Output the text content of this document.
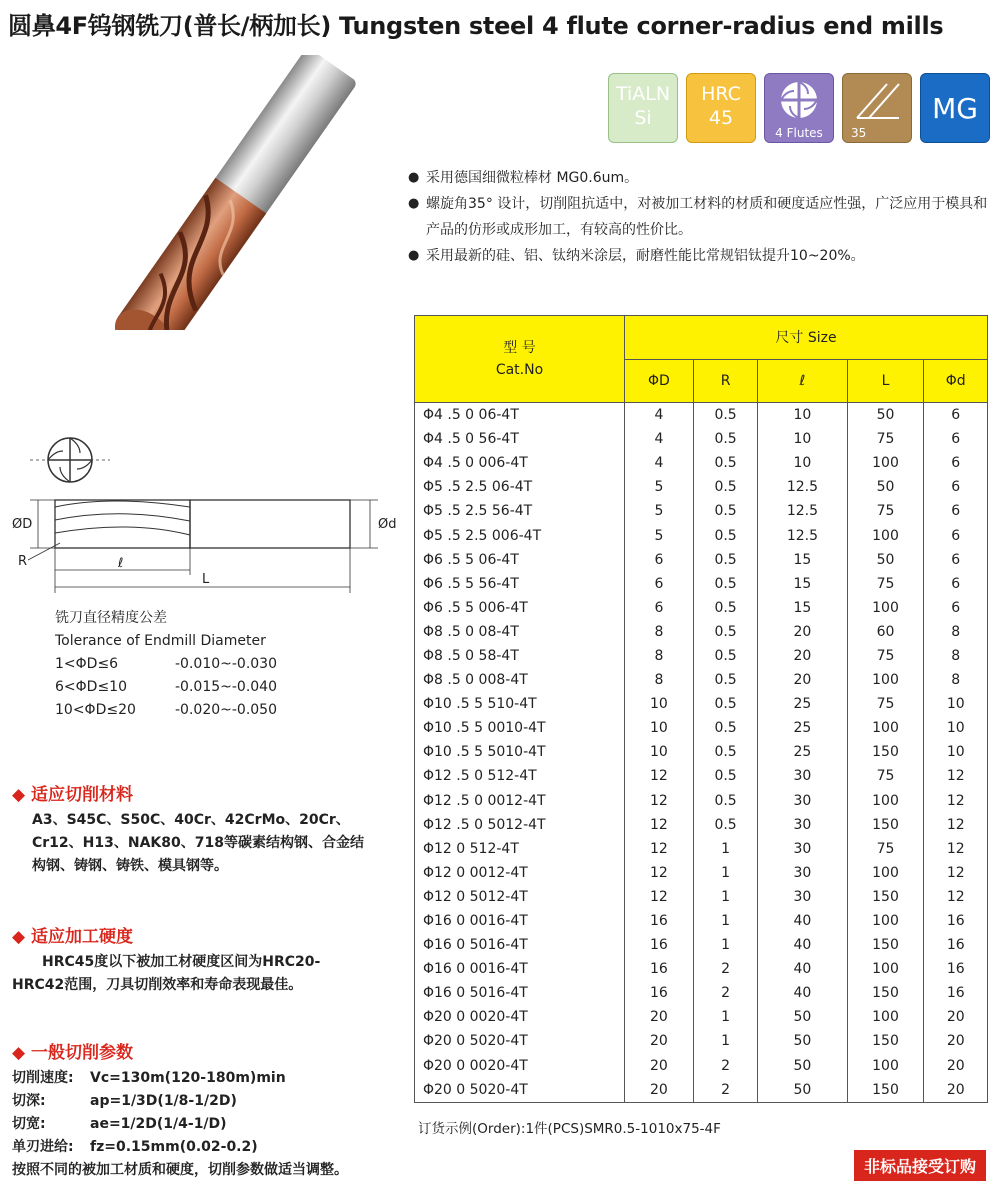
圆鼻4F钨钢铣刀(普长/柄加长) Tungsten steel 4 flute corner-radius end mills
TiALN
Si
HRC
45
4 Flutes	35
MG
● 采用德国细微粒棒材 MG0.6um。
● 螺旋角35° 设计，切削阻抗适中，对被加工材料的材质和硬度适应性强，广泛应用于模具和产品的仿形或成形加工，有较高的性价比。
● 采用最新的硅、铝、钛纳米涂层，耐磨性能比常规铝钛提升10~20%。
ØD	Ød
R	ℓ
L
铣刀直径精度公差
Tolerance of Endmill Diameter
1<ΦD≤6	-0.010~-0.030
6<ΦD≤10	-0.015~-0.040
10<ΦD≤20	-0.020~-0.050
◆ 适应切削材料
A3、S45C、S50C、40Cr、42CrMo、20Cr、Cr12、H13、NAK80、718等碳素结构钢、合金结构钢、铸钢、铸铁、模具钢等。
◆ 适应加工硬度
HRC45度以下被加工材硬度区间为HRC20-HRC42范围，刀具切削效率和寿命表现最佳。
◆ 一般切削参数
切削速度: Vc=130m(120-180m)min
切深:	ap=1/3D(1/8-1/2D)
切宽:	ae=1/2D(1/4-1/D)
单刃进给: fz=0.15mm(0.02-0.2)
按照不同的被加工材质和硬度，切削参数做适当调整。
型 号
Cat.No	尺寸 Size				
	ΦD	R	ℓ	L	Φd
Φ4 .5 0 06-4T	4	0.5	10	50	6
Φ4 .5 0 56-4T	4	0.5	10	75	6
Φ4 .5 0 006-4T	4	0.5	10	100	6
Φ5 .5 2.5 06-4T	5	0.5	12.5	50	6
Φ5 .5 2.5 56-4T	5	0.5	12.5	75	6
Φ5 .5 2.5 006-4T	5	0.5	12.5	100	6
Φ6 .5 5 06-4T	6	0.5	15	50	6
Φ6 .5 5 56-4T	6	0.5	15	75	6
Φ6 .5 5 006-4T	6	0.5	15	100	6
Φ8 .5 0 08-4T	8	0.5	20	60	8
Φ8 .5 0 58-4T	8	0.5	20	75	8
Φ8 .5 0 008-4T	8	0.5	20	100	8
Φ10 .5 5 510-4T	10	0.5	25	75	10
Φ10 .5 5 0010-4T	10	0.5	25	100	10
Φ10 .5 5 5010-4T	10	0.5	25	150	10
Φ12 .5 0 512-4T	12	0.5	30	75	12
Φ12 .5 0 0012-4T	12	0.5	30	100	12
Φ12 .5 0 5012-4T	12	0.5	30	150	12
Φ12 0 512-4T	12	1	30	75	12
Φ12 0 0012-4T	12	1	30	100	12
Φ12 0 5012-4T	12	1	30	150	12
Φ16 0 0016-4T	16	1	40	100	16
Φ16 0 5016-4T	16	1	40	150	16
Φ16 0 0016-4T	16	2	40	100	16
Φ16 0 5016-4T	16	2	40	150	16
Φ20 0 0020-4T	20	1	50	100	20
Φ20 0 5020-4T	20	1	50	150	20
Φ20 0 0020-4T	20	2	50	100	20
Φ20 0 5020-4T	20	2	50	150	20
订货示例(Order):1件(PCS)SMR0.5-1010x75-4F
非标品接受订购
